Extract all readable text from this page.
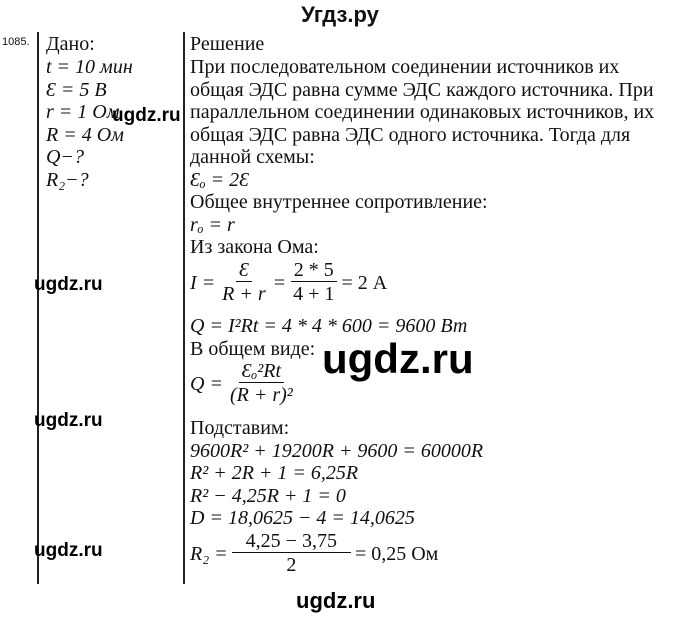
Угдз.ру
1085. Дано:
t = 10 мин
Ɛ = 5 В
r = 1 Ом
R = 4 Ом
Q−?
R₂−?
Решение
При последовательном соединении источников их
общая ЭДС равна сумме ЭДС каждого источника. При
параллельном соединении одинаковых источников, их
общая ЭДС равна ЭДС одного источника. Тогда для
данной схемы:
Ɛₒ = 2Ɛ
Общее внутреннее сопротивление:
rₒ = r
Из закона Ома:
$I = \frac{Ɛ}{R + r} = \frac{2 * 5}{4 + 1} = 2$ А
Q = I²Rt = 4 * 4 * 600 = 9600 Вт
В общем виде:
$Q = \frac{\text{Ɛₒ²Rt}}{\text{(R + r)²}}$
Подставим:
9600R² + 19200R + 9600 = 60000R
R² + 2R + 1 = 6,25R
R² − 4,25R + 1 = 0
D = 18,0625 − 4 = 14,0625
$R_2 = \frac{4,25 - 3,75}{2} = 0,25$ Ом
ugdz.ru
ugdz.ru
ugdz.ru
ugdz.ru
ugdz.ru
ugdz.ru
